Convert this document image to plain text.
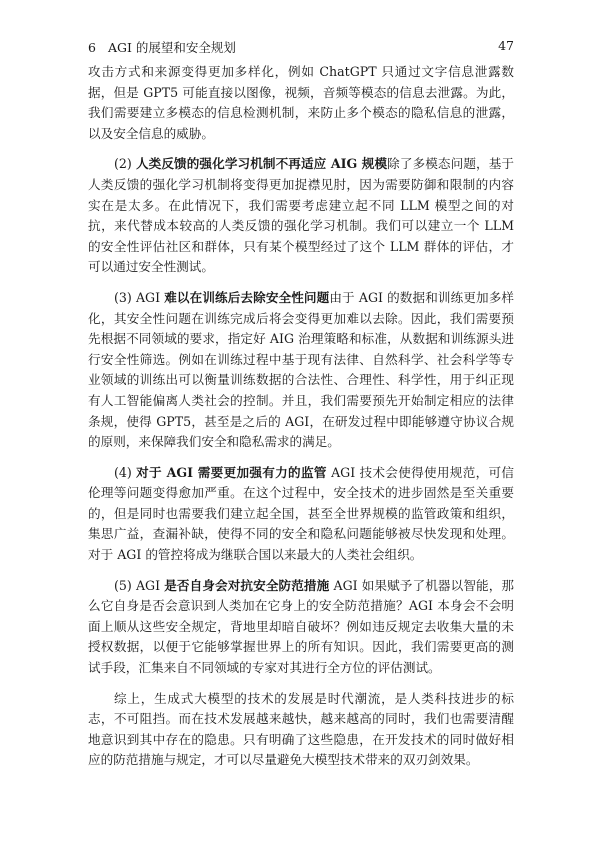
6 AGI 的展望和安全规划	47

攻击方式和来源变得更加多样化，例如 ChatGPT 只通过文字信息泄露数据，但是 GPT5 可能直接以图像，视频，音频等模态的信息去泄露。为此，我们需要建立多模态的信息检测机制，来防止多个模态的隐私信息的泄露，以及安全信息的威胁。

(2) 人类反馈的强化学习机制不再适应 AIG 规模除了多模态问题，基于人类反馈的强化学习机制将变得更加捉襟见肘，因为需要防御和限制的内容实在是太多。在此情况下，我们需要考虑建立起不同 LLM 模型之间的对抗，来代替成本较高的人类反馈的强化学习机制。我们可以建立一个 LLM 的安全性评估社区和群体，只有某个模型经过了这个 LLM 群体的评估，才可以通过安全性测试。

(3) AGI 难以在训练后去除安全性问题由于 AGI 的数据和训练更加多样化，其安全性问题在训练完成后将会变得更加难以去除。因此，我们需要预先根据不同领域的要求，指定好 AIG 治理策略和标准，从数据和训练源头进行安全性筛选。例如在训练过程中基于现有法律、自然科学、社会科学等专业领域的训练出可以衡量训练数据的合法性、合理性、科学性，用于纠正现有人工智能偏离人类社会的控制。并且，我们需要预先开始制定相应的法律条规，使得 GPT5，甚至是之后的 AGI，在研发过程中即能够遵守协议合规的原则，来保障我们安全和隐私需求的满足。

(4) 对于 AGI 需要更加强有力的监管 AGI 技术会使得使用规范，可信伦理等问题变得愈加严重。在这个过程中，安全技术的进步固然是至关重要的，但是同时也需要我们建立起全国，甚至全世界规模的监管政策和组织，集思广益，查漏补缺，使得不同的安全和隐私问题能够被尽快发现和处理。对于 AGI 的管控将成为继联合国以来最大的人类社会组织。

(5) AGI 是否自身会对抗安全防范措施 AGI 如果赋予了机器以智能，那么它自身是否会意识到人类加在它身上的安全防范措施？AGI 本身会不会明面上顺从这些安全规定，背地里却暗自破坏？例如违反规定去收集大量的未授权数据，以便于它能够掌握世界上的所有知识。因此，我们需要更高的测试手段，汇集来自不同领域的专家对其进行全方位的评估测试。

综上，生成式大模型的技术的发展是时代潮流，是人类科技进步的标志，不可阻挡。而在技术发展越来越快，越来越高的同时，我们也需要清醒地意识到其中存在的隐患。只有明确了这些隐患，在开发技术的同时做好相应的防范措施与规定，才可以尽量避免大模型技术带来的双刃剑效果。
